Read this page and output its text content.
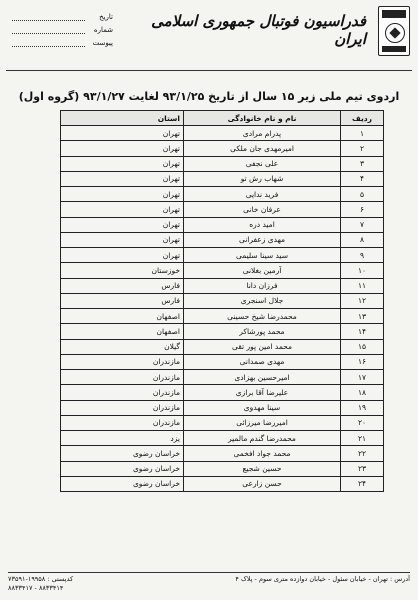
فدراسیون فوتبال جمهوری اسلامی ایران
تاریخ
شماره
پیوست
اردوی تیم ملی زیر ۱۵ سال از تاریخ ۹۳/۱/۲۵ لغایت ۹۳/۱/۲۷ (گروه اول)
ردیف	نام و نام خانوادگی	استان
۱	پدرام مرادی	تهران
۲	امیرمهدی جان ملکی	تهران
۳	علی نجفی	تهران
۴	شهاب رش تو	تهران
۵	فرید ندایی	تهران
۶	عرفان خانی	تهران
۷	امید دره	تهران
۸	مهدی زعفرانی	تهران
۹	سید سینا سلیمی	تهران
۱۰	آرمین بغلانی	خوزستان
۱۱	فرزان دانا	فارس
۱۲	جلال اسنجری	فارس
۱۳	محمدرضا شیخ حسینی	اصفهان
۱۴	محمد پورشاکر	اصفهان
۱۵	محمد امین پور تقی	گیلان
۱۶	مهدی صمدانی	مازندران
۱۷	امیرحسین بهزادی	مازندران
۱۸	علیرضا آقا برازی	مازندران
۱۹	سینا مهدوی	مازندران
۲۰	امیررضا میرزائی	مازندران
۲۱	محمدرضا گندم مالمیر	یزد
۲۲	محمد جواد افخمی	خراسان رضوی
۲۳	حسین شجیع	خراسان رضوی
۲۴	حسن زارعی	خراسان رضوی
آدرس : تهران - خیابان سئول - خیابان دوازده متری سوم - پلاک ۴
کدپستی : ۱۹۹۵۸-۷۳۵۹۱
۸۸۳۳۴۱۴ - ۸۸۳۳۴۱۷
